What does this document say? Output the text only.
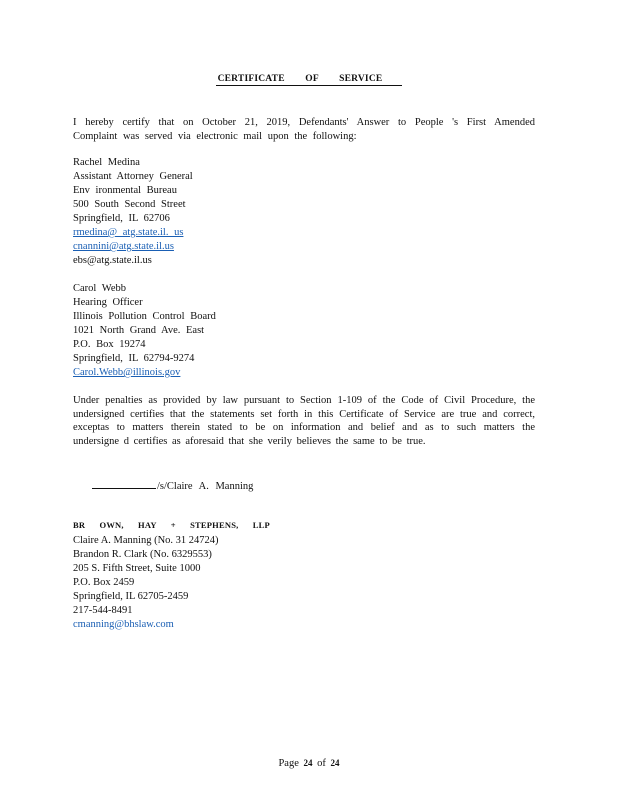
CERTIFICATE OF SERVICE
I hereby certify that on October 21, 2019, Defendants' Answer to People 's First Amended Complaint was served via electronic mail upon the following:
Rachel Medina
Assistant Attorney General
Env ironmental Bureau
500 South Second Street
Springfield, IL 62706
rmedina@ atg.state.il. us
cnannini@atg.state.il.us
ebs@atg.state.il.us
Carol Webb
Hearing Officer
Illinois Pollution Control Board
1021 North Grand Ave. East
P.O. Box 19274
Springfield, IL 62794-9274
Carol.Webb@illinois.gov
Under penalties as provided by law pursuant to Section 1-109 of the Code of Civil Procedure, the undersigned certifies that the statements set forth in this Certificate of Service are true and correct, exceptas to matters therein stated to be on information and belief and as to such matters the undersigne d certifies as aforesaid that she verily believes the same to be true.
/s/Claire A. Manning
BR OWN, HAY + STEPHENS, LLP
Claire A. Manning (No. 31 24724)
Brandon R. Clark (No. 6329553)
205 S. Fifth Street, Suite 1000
P.O. Box 2459
Springfield, IL 62705-2459
217-544-8491
cmanning@bhslaw.com
Page 24 of 24
